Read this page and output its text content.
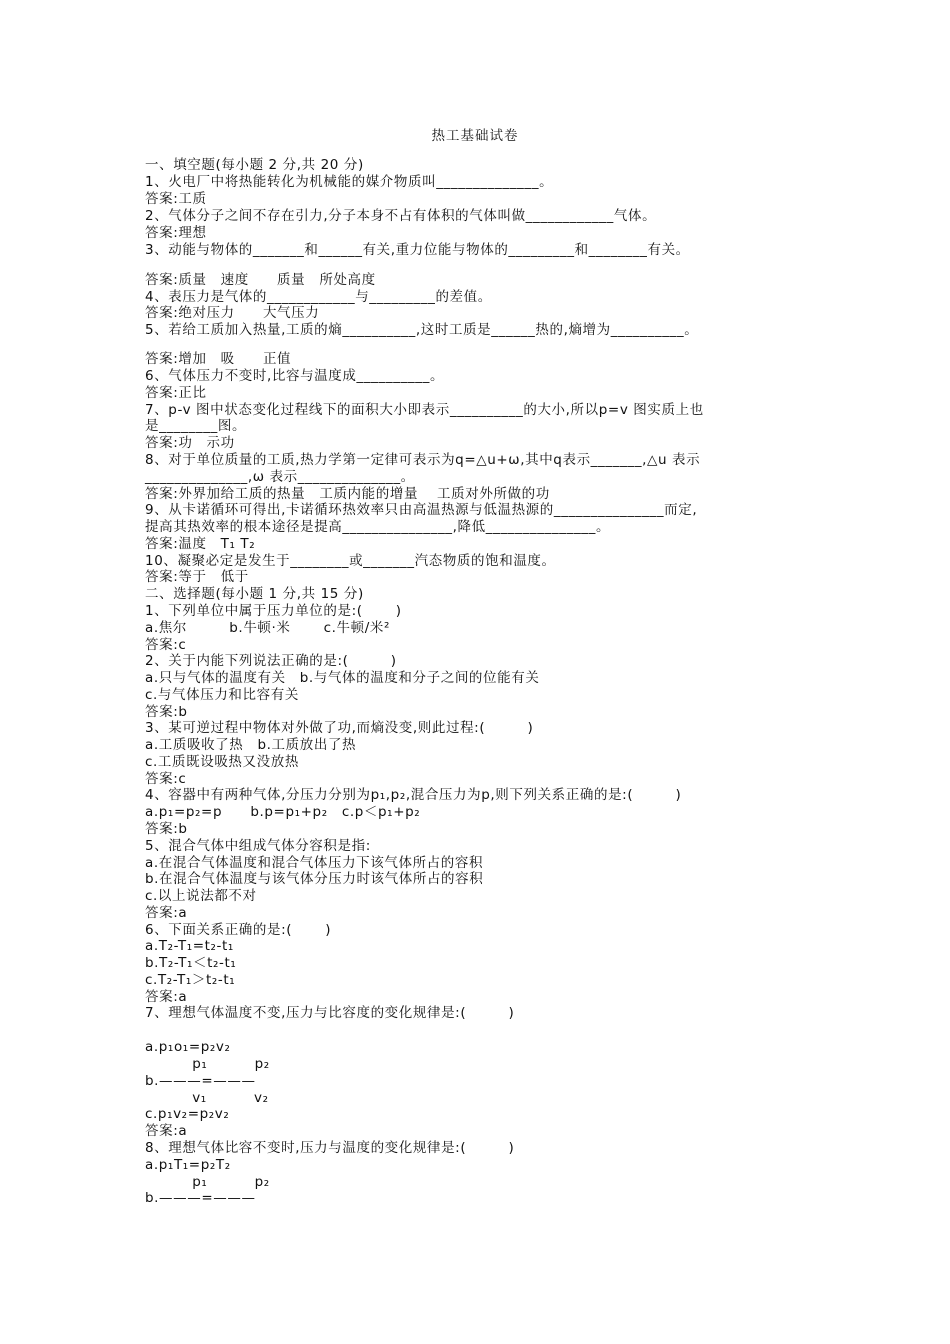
热工基础试卷
一、填空题(每小题 2 分,共 20 分)
1、火电厂中将热能转化为机械能的媒介物质叫______________。
答案:工质
2、气体分子之间不存在引力,分子本身不占有体积的气体叫做____________气体。
答案:理想
3、动能与物体的_______和______有关,重力位能与物体的_________和________有关。
答案:质量　速度　　质量　所处高度
4、表压力是气体的____________与_________的差值。
答案:绝对压力　　大气压力
5、若给工质加入热量,工质的熵__________,这时工质是______热的,熵增为__________。
答案:增加　吸　　正值
6、气体压力不变时,比容与温度成__________。
答案:正比
7、p-v 图中状态变化过程线下的面积大小即表示__________的大小,所以p=v 图实质上也
是________图。
答案:功　示功
8、对于单位质量的工质,热力学第一定律可表示为q=△u+ω,其中q表示_______,△u 表示
______________,ω 表示______________。
答案:外界加给工质的热量　工质内能的增量　 工质对外所做的功
9、从卡诺循环可得出,卡诺循环热效率只由高温热源与低温热源的_______________而定,
提高其热效率的根本途径是提高_______________,降低_______________。
答案:温度　T₁ T₂
10、凝聚必定是发生于________或_______汽态物质的饱和温度。
答案:等于　低于
二、选择题(每小题 1 分,共 15 分)
1、下列单位中属于压力单位的是:(　　 )
a.焦尔　　　b.牛顿·米　　 c.牛顿/米²
答案:c
2、关于内能下列说法正确的是:(　　　)
a.只与气体的温度有关　b.与气体的温度和分子之间的位能有关
c.与气体压力和比容有关
答案:b
3、某可逆过程中物体对外做了功,而熵没变,则此过程:(　　　)
a.工质吸收了热　b.工质放出了热
c.工质既设吸热又没放热
答案:c
4、容器中有两种气体,分压力分别为p₁,p₂,混合压力为p,则下列关系正确的是:(　　　)
a.p₁=p₂=p　　b.p=p₁+p₂　c.p＜p₁+p₂
答案:b
5、混合气体中组成气体分容积是指:
a.在混合气体温度和混合气体压力下该气体所占的容积
b.在混合气体温度与该气体分压力时该气体所占的容积
c.以上说法都不对
答案:a
6、下面关系正确的是:(　　 )
a.T₂-T₁=t₂-t₁
b.T₂-T₁＜t₂-t₁
c.T₂-T₁＞t₂-t₁
答案:a
7、理想气体温度不变,压力与比容度的变化规律是:(　　　)
a.p₁o₁=p₂v₂
　　　 p₁　　　 p₂
b.———=———
　　　 v₁　　　 v₂
c.p₁v₂=p₂v₂
答案:a
8、理想气体比容不变时,压力与温度的变化规律是:(　　　)
a.p₁T₁=p₂T₂
　　　 p₁　　　 p₂
b.———=———
